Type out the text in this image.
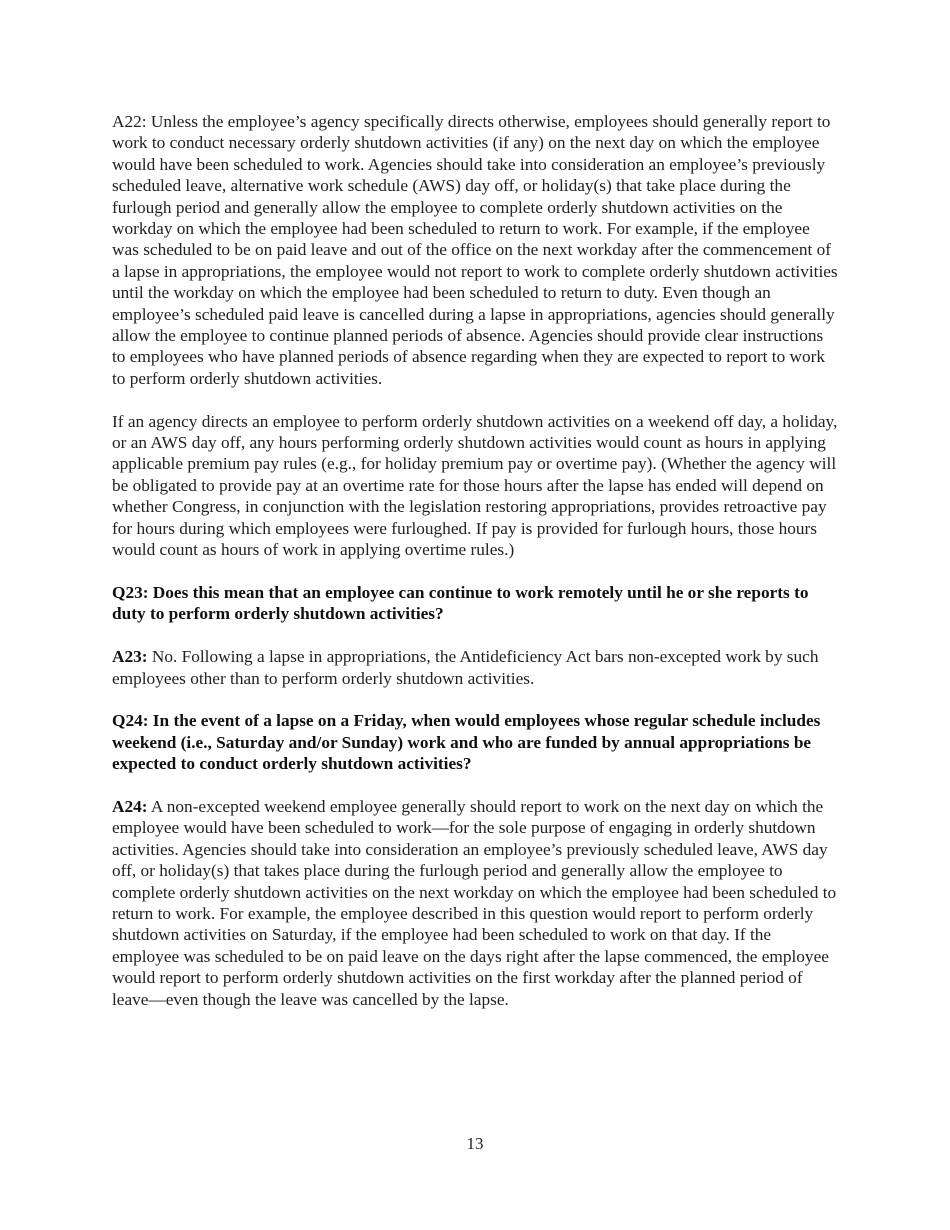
A22: Unless the employee’s agency specifically directs otherwise, employees should generally report to work to conduct necessary orderly shutdown activities (if any) on the next day on which the employee would have been scheduled to work. Agencies should take into consideration an employee’s previously scheduled leave, alternative work schedule (AWS) day off, or holiday(s) that take place during the furlough period and generally allow the employee to complete orderly shutdown activities on the workday on which the employee had been scheduled to return to work. For example, if the employee was scheduled to be on paid leave and out of the office on the next workday after the commencement of a lapse in appropriations, the employee would not report to work to complete orderly shutdown activities until the workday on which the employee had been scheduled to return to duty. Even though an employee’s scheduled paid leave is cancelled during a lapse in appropriations, agencies should generally allow the employee to continue planned periods of absence. Agencies should provide clear instructions to employees who have planned periods of absence regarding when they are expected to report to work to perform orderly shutdown activities.

If an agency directs an employee to perform orderly shutdown activities on a weekend off day, a holiday, or an AWS day off, any hours performing orderly shutdown activities would count as hours in applying applicable premium pay rules (e.g., for holiday premium pay or overtime pay). (Whether the agency will be obligated to provide pay at an overtime rate for those hours after the lapse has ended will depend on whether Congress, in conjunction with the legislation restoring appropriations, provides retroactive pay for hours during which employees were furloughed. If pay is provided for furlough hours, those hours would count as hours of work in applying overtime rules.)

Q23: Does this mean that an employee can continue to work remotely until he or she reports to duty to perform orderly shutdown activities?

A23: No. Following a lapse in appropriations, the Antideficiency Act bars non-excepted work by such employees other than to perform orderly shutdown activities.

Q24: In the event of a lapse on a Friday, when would employees whose regular schedule includes weekend (i.e., Saturday and/or Sunday) work and who are funded by annual appropriations be expected to conduct orderly shutdown activities?

A24: A non-excepted weekend employee generally should report to work on the next day on which the employee would have been scheduled to work—for the sole purpose of engaging in orderly shutdown activities. Agencies should take into consideration an employee’s previously scheduled leave, AWS day off, or holiday(s) that takes place during the furlough period and generally allow the employee to complete orderly shutdown activities on the next workday on which the employee had been scheduled to return to work. For example, the employee described in this question would report to perform orderly shutdown activities on Saturday, if the employee had been scheduled to work on that day. If the employee was scheduled to be on paid leave on the days right after the lapse commenced, the employee would report to perform orderly shutdown activities on the first workday after the planned period of leave—even though the leave was cancelled by the lapse.

13
